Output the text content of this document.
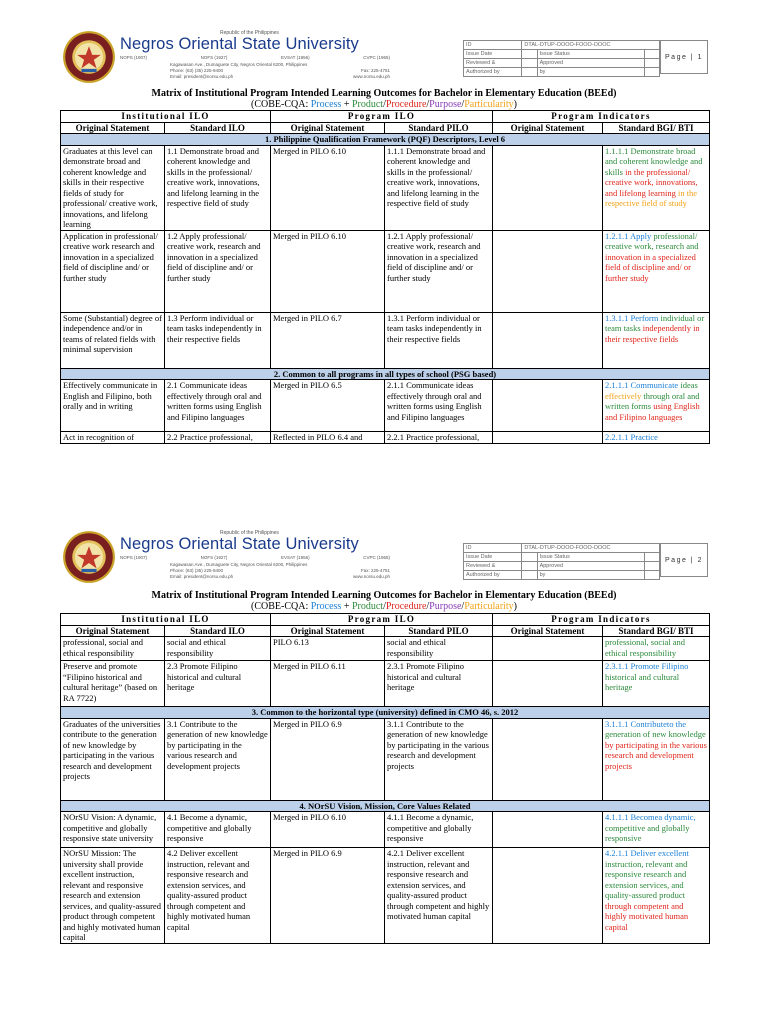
Republic of the Philippines
Negros Oriental State University
NOPS (1907)	NOFS (1927)	EVSAT (1956)	CVPC (1965)
Kagawasan Ave., Dumaguete City, Negros Oriental 6200, Philippines
Phone: (63) (35) 225-9400	Fax: 225-4751
Email: president@norsu.edu.ph	www.norsu.edu.ph
ID	DTAL-DTUP-OOOO-FOOO-OOOC		
Issue Date		Issue Status	
Reviewed &		Approved	
Authorized by		by	
Page | 1
Matrix of Institutional Program Intended Learning Outcomes for Bachelor in Elementary Education (BEEd)
(COBE-CQA: Process + Product/Procedure/Purpose/Particularity)
Institutional ILO		Program ILO		Program Indicators	
Original Statement	Standard ILO	Original Statement	Standard PILO	Original Statement	Standard BGI/ BTI
1. Philippine Qualification Framework (PQF) Descriptors, Level 6					
Graduates at this level can demonstrate broad and coherent knowledge and skills in their respective fields of study for professional/ creative work, innovations, and lifelong learning	1.1 Demonstrate broad and coherent knowledge and skills in the professional/ creative work, innovations, and lifelong learning in the respective field of study	Merged in PILO 6.10	1.1.1 Demonstrate broad and coherent knowledge and skills in the professional/ creative work, innovations, and lifelong learning in the respective field of study		1.1.1.1 Demonstrate broad and coherent knowledge and skills in the professional/ creative work, innovations, and lifelong learning in the respective field of study
Application in professional/ creative work research and innovation in a specialized field of discipline and/ or further study	1.2 Apply professional/ creative work, research and innovation in a specialized field of discipline and/ or further study	Merged in PILO 6.10	1.2.1 Apply professional/ creative work, research and innovation in a specialized field of discipline and/ or further study		1.2.1.1 Apply professional/ creative work, research and innovation in a specialized field of discipline and/ or further study
Some (Substantial) degree of independence and/or in teams of related fields with minimal supervision	1.3 Perform individual or team tasks independently in their respective fields	Merged in PILO 6.7	1.3.1 Perform individual or team tasks independently in their respective fields		1.3.1.1 Perform individual or team tasks independently in their respective fields
2. Common to all programs in all types of school (PSG based)					
Effectively communicate in English and Filipino, both orally and in writing	2.1 Communicate ideas effectively through oral and written forms using English and Filipino languages	Merged in PILO 6.5	2.1.1 Communicate ideas effectively through oral and written forms using English and Filipino languages		2.1.1.1 Communicate ideas effectively through oral and written forms using English and Filipino languages
Act in recognition of	2.2 Practice professional,	Reflected in PILO 6.4 and	2.2.1 Practice professional,		2.2.1.1 Practice
Republic of the Philippines
Negros Oriental State University
NOPS (1907)	NOFS (1927)	EVSAT (1956)	CVPC (1965)
Kagawasan Ave., Dumaguete City, Negros Oriental 6200, Philippines
Phone: (63) (35) 225-9400	Fax: 225-4751
Email: president@norsu.edu.ph	www.norsu.edu.ph
ID	DTAL-DTUP-OOOO-FOOO-OOOC		
Issue Date		Issue Status	
Reviewed &		Approved	
Authorized by		by	
Page | 2
Matrix of Institutional Program Intended Learning Outcomes for Bachelor in Elementary Education (BEEd)
(COBE-CQA: Process + Product/Procedure/Purpose/Particularity)
Institutional ILO		Program ILO		Program Indicators	
Original Statement	Standard ILO	Original Statement	Standard PILO	Original Statement	Standard BGI/ BTI
professional, social and ethical responsibility	social and ethical responsibility	PILO 6.13	social and ethical responsibility		professional, social and ethical responsibility
Preserve and promote “Filipino historical and cultural heritage” (based on RA 7722)	2.3 Promote Filipino historical and cultural heritage	Merged in PILO 6.11	2.3.1 Promote Filipino historical and cultural heritage		2.3.1.1 Promote Filipino historical and cultural heritage
3. Common to the horizontal type (university) defined in CMO 46, s. 2012					
Graduates of the universities contribute to the generation of new knowledge by participating in the various research and development projects	3.1 Contribute to the generation of new knowledge by participating in the various research and development projects	Merged in PILO 6.9	3.1.1 Contribute to the generation of new knowledge by participating in the various research and development projects		3.1.1.1 Contributeto the generation of new knowledge by participating in the various research and development projects
4. NOrSU Vision, Mission, Core Values Related					
NOrSU Vision: A dynamic, competitive and globally responsive state university	4.1 Become a dynamic, competitive and globally responsive	Merged in PILO 6.10	4.1.1 Become a dynamic, competitive and globally responsive		4.1.1.1 Becomea dynamic, competitive and globally responsive
NOrSU Mission: The university shall provide excellent instruction, relevant and responsive research and extension services, and quality-assured product through competent and highly motivated human capital	4.2 Deliver excellent instruction, relevant and responsive research and extension services, and quality-assured product through competent and highly motivated human capital	Merged in PILO 6.9	4.2.1 Deliver excellent instruction, relevant and responsive research and extension services, and quality-assured product through competent and highly motivated human capital		4.2.1.1 Deliver excellent instruction, relevant and responsive research and extension services, and quality-assured product through competent and highly motivated human capital
